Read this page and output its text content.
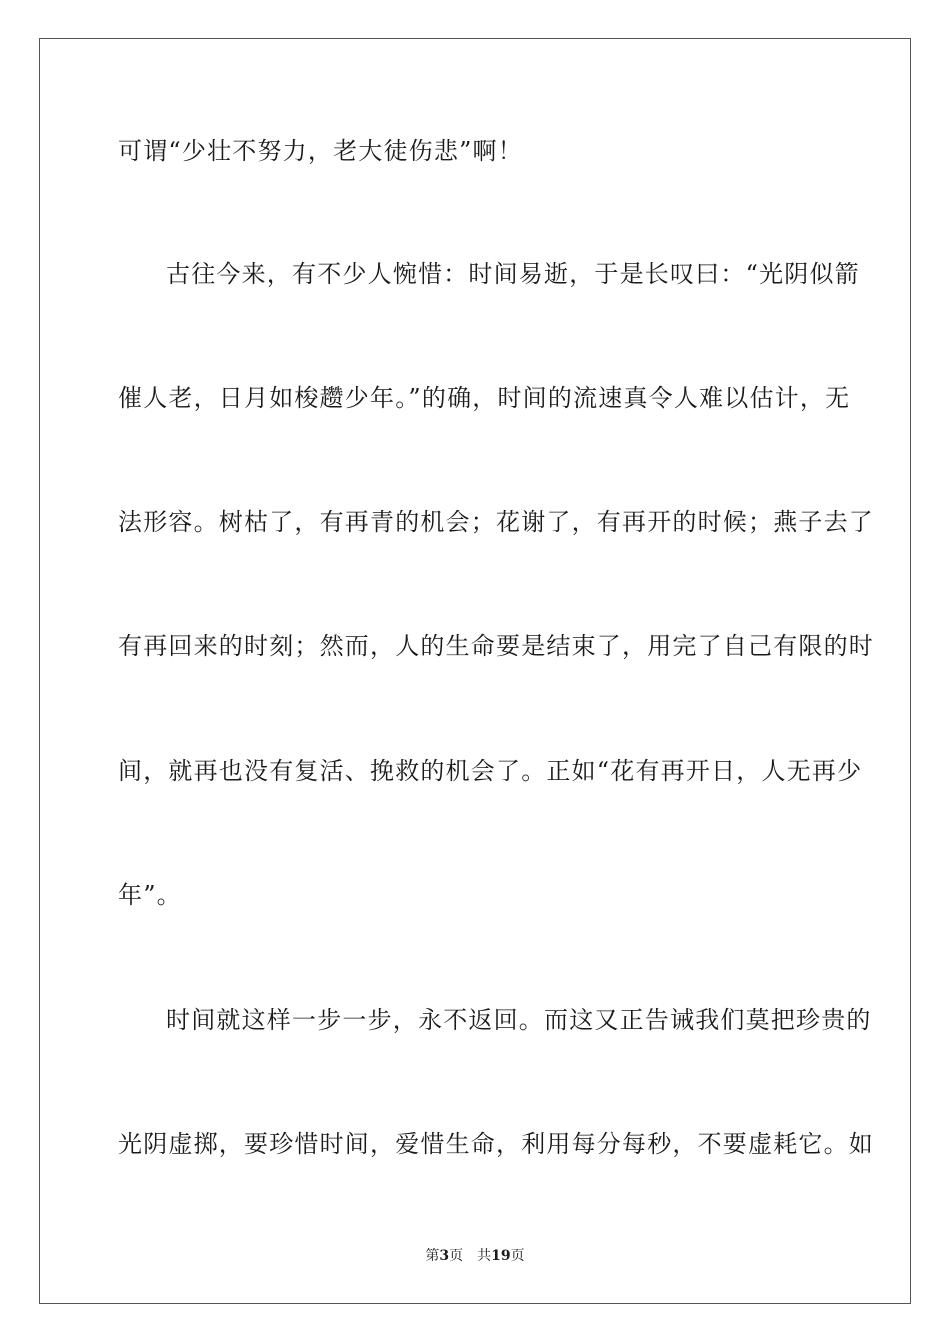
可谓“少壮不努力，老大徒伤悲”啊！
古往今来，有不少人惋惜：时间易逝，于是长叹曰：“光阴似箭
催人老，日月如梭趱少年。”的确，时间的流速真令人难以估计，无
法形容。树枯了，有再青的机会；花谢了，有再开的时候；燕子去了
有再回来的时刻；然而，人的生命要是结束了，用完了自己有限的时
间，就再也没有复活、挽救的机会了。正如“花有再开日，人无再少
年”。
时间就这样一步一步，永不返回。而这又正告诫我们莫把珍贵的
光阴虚掷，要珍惜时间，爱惜生命，利用每分每秒，不要虚耗它。如
第3页 共19页
